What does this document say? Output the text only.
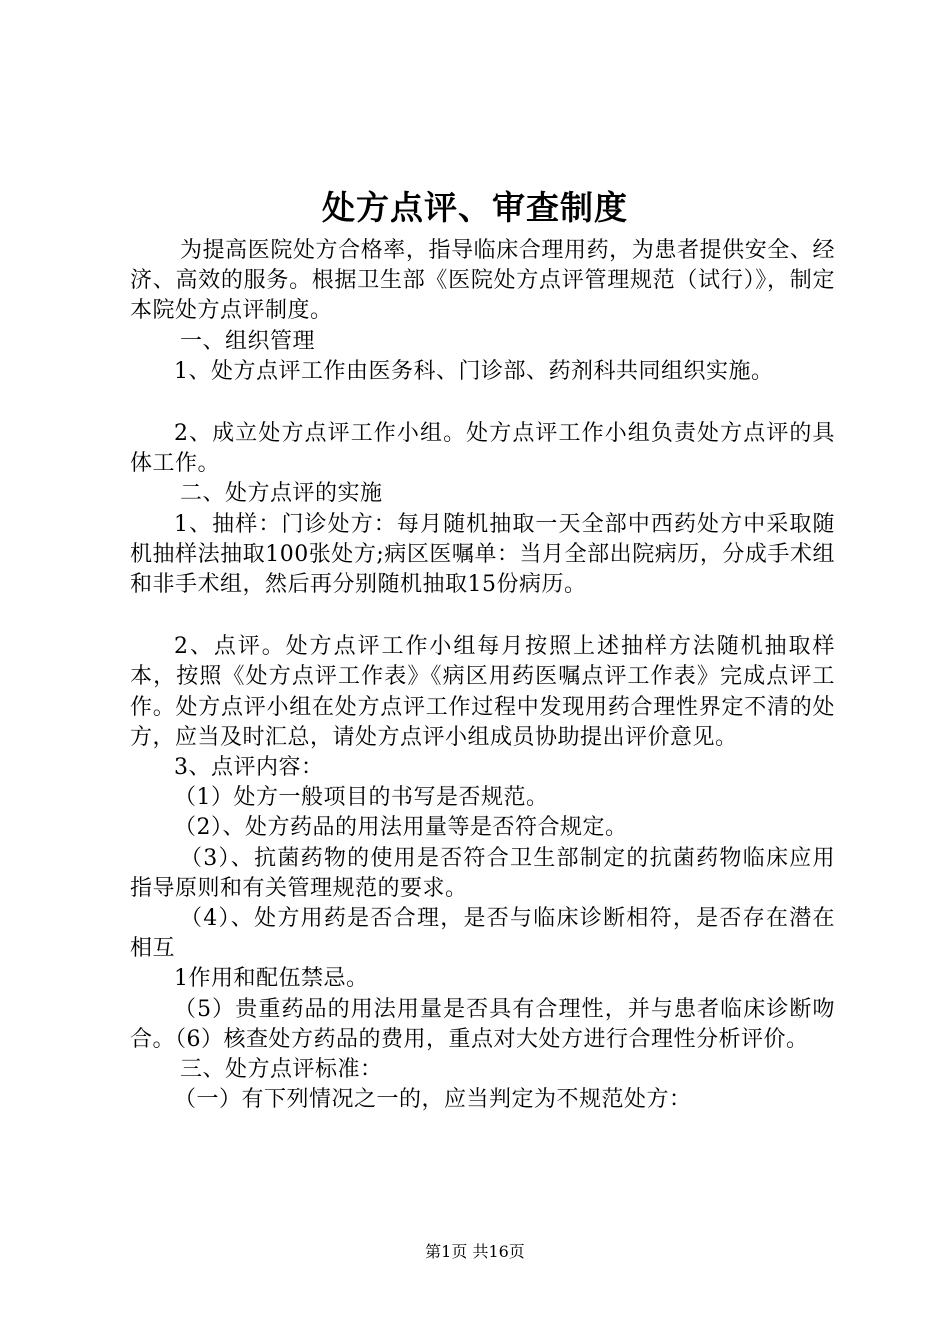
处方点评、审查制度

为提高医院处方合格率，指导临床合理用药，为患者提供安全、经济、高效的服务。根据卫生部《医院处方点评管理规范（试行）》，制定本院处方点评制度。

一、组织管理

1、处方点评工作由医务科、门诊部、药剂科共同组织实施。

2、成立处方点评工作小组。处方点评工作小组负责处方点评的具体工作。

二、处方点评的实施

1、抽样：门诊处方：每月随机抽取一天全部中西药处方中采取随机抽样法抽取100张处方;病区医嘱单：当月全部出院病历，分成手术组和非手术组，然后再分别随机抽取15份病历。

2、点评。处方点评工作小组每月按照上述抽样方法随机抽取样本，按照《处方点评工作表》《病区用药医嘱点评工作表》完成点评工作。处方点评小组在处方点评工作过程中发现用药合理性界定不清的处方，应当及时汇总，请处方点评小组成员协助提出评价意见。

3、点评内容：

（1）处方一般项目的书写是否规范。

（2）、处方药品的用法用量等是否符合规定。

（3）、抗菌药物的使用是否符合卫生部制定的抗菌药物临床应用指导原则和有关管理规范的要求。

（4）、处方用药是否合理，是否与临床诊断相符，是否存在潜在相互

1作用和配伍禁忌。

（5）贵重药品的用法用量是否具有合理性，并与患者临床诊断吻合。（6）核查处方药品的费用，重点对大处方进行合理性分析评价。

三、处方点评标准：

（一）有下列情况之一的，应当判定为不规范处方：

第1页 共16页
